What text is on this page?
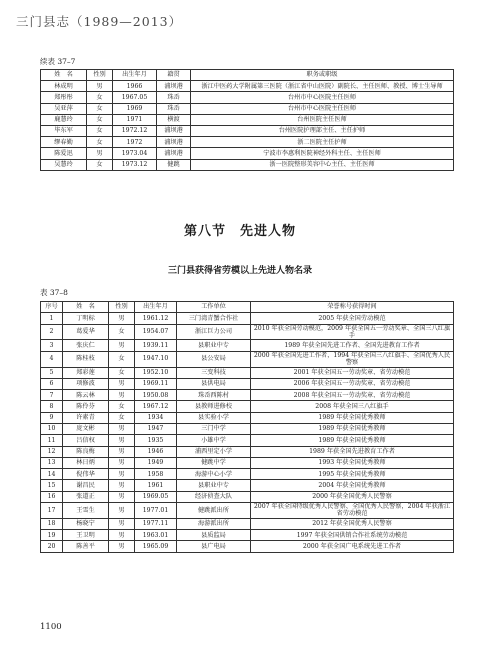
三门县志（1989—2013）
续表 37–7
姓　名	性别	出生年月	籍贯	职务或职级
林成明	男	1966	浦坝港	浙江中医药大学附属第三医院（浙江省中山医院）副院长、主任医师、教授、博士生导师
郑彤彤	女	1967.05	珠岙	台州市中心医院主任医师
吴亚萍	女	1969	珠岙	台州市中心医院主任医师
鹿慧玲	女	1971	横渡	台州医院主任医师
毕东军	女	1972.12	浦坝港	台州医院护理部主任、主任护师
缪春勤	女	1972	浦坝港	浙二医院主任护师
陈爱迅	男	1973.04	浦坝港	宁波市李惠利医院神经外科主任、主任医师
吴慧玲	女	1973.12	健跳	浙一医院整形美容中心主任、主任医师
第八节　先进人物
三门县获得省劳模以上先进人物名录
表 37–8
序号	姓　名	性别	出生年月	工作单位	荣誉称号获得时间
1	丁明标	男	1961.12	三门湾青蟹合作社	2005 年获全国劳动模范
2	葛爱华	女	1954.07	浙江巨力公司	2010 年获全国劳动模范，2009 年获全国五一劳动奖章、全国三八红旗手
3	张庆仁	男	1939.11	县职业中专	1989 年获全国先进工作者、全国先进教育工作者
4	陈桂枝	女	1947.10	县公安局	2000 年获全国先进工作者，1994 年获全国三八红旗手、全国优秀人民警察
5	郑彩莲	女	1952.10	三变科技	2001 年获全国五一劳动奖章、省劳动模范
6	项修波	男	1969.11	县供电局	2006 年获全国五一劳动奖章、省劳动模范
7	陈云林	男	1950.08	珠岙西陈村	2008 年获全国五一劳动奖章、省劳动模范
8	陈伶芬	女	1967.12	县教师进修校	2008 年获全国三八红旗手
9	许素青	女	1934	县实验小学	1989 年获全国优秀教师
10	庞文彬	男	1947	三门中学	1989 年获全国优秀教师
11	吕信权	男	1935	小雄中学	1989 年获全国优秀教师
12	陈良梅	男	1946	浦西里定小学	1989 年获全国先进教育工作者
13	林日炳	男	1949	健跳中学	1993 年获全国优秀教师
14	倪伟华	男	1958	海游中心小学	1995 年获全国优秀教师
15	谢昌民	男	1961	县职业中专	2004 年获全国优秀教师
16	张道正	男	1969.05	经济侦查大队	2000 年获全国优秀人民警察
17	王雪生	男	1977.01	健跳派出所	2007 年获全国特级优秀人民警察、全国优秀人民警察，2004 年获浙江省劳动模范
18	杨晓宁	男	1977.11	海游派出所	2012 年获全国优秀人民警察
19	王卫明	男	1963.01	县质监局	1997 年获全国供销合作社系统劳动模范
20	陈善平	男	1965.09	县广电局	2000 年获全国广电系统先进工作者
1100
